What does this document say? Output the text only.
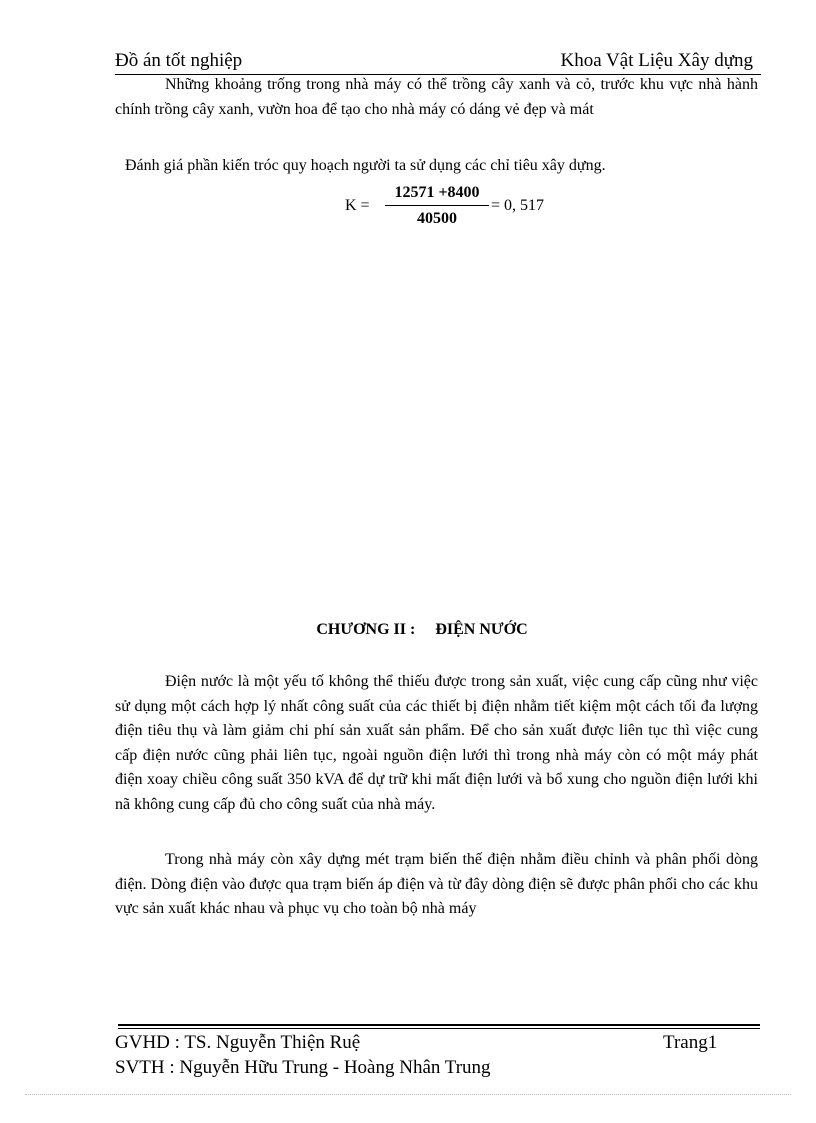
Đồ án tốt nghiệp	Khoa Vật Liệu Xây dựng

Những khoảng trống trong nhà máy có thể trồng cây xanh và cỏ, trước khu vực nhà hành chính trồng cây xanh, vườn hoa để tạo cho nhà máy có dáng vẻ đẹp và mát

Đánh giá phần kiến tróc quy hoạch người ta sử dụng các chỉ tiêu xây dựng.

$K = \frac{12571 +8400}{40500} = 0$, 517
CHƯƠNG II : ĐIỆN NƯỚC

Điện nước là một yếu tố không thể thiếu được trong sản xuất, việc cung cấp cũng như việc sử dụng một cách hợp lý nhất công suất của các thiết bị điện nhằm tiết kiệm một cách tối đa lượng điện tiêu thụ và làm giảm chi phí sản xuất sản phẩm. Để cho sản xuất được liên tục thì việc cung cấp điện nước cũng phải liên tục, ngoài nguồn điện lưới thì trong nhà máy còn có một máy phát điện xoay chiều công suất 350 kVA để dự trữ khi mất điện lưới và bổ xung cho nguồn điện lưới khi nã không cung cấp đủ cho công suất của nhà máy.

Trong nhà máy còn xây dựng mét trạm biến thế điện nhằm điều chỉnh và phân phối dòng điện. Dòng điện vào được qua trạm biến áp điện và từ đây dòng điện sẽ được phân phối cho các khu vực sản xuất khác nhau và phục vụ cho toàn bộ nhà máy

GVHD : TS. Nguyễn Thiện Ruệ	Trang1
SVTH : Nguyễn Hữu Trung - Hoàng Nhân Trung
